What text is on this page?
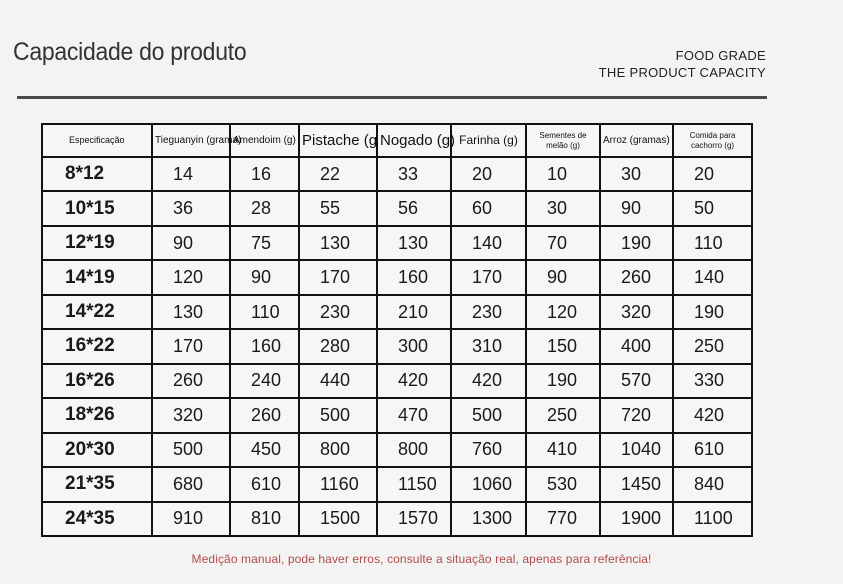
Capacidade do produto	FOOD GRADE
THE PRODUCT CAPACITY
Especificação	Tieguanyin (grama)	Amendoim (g)	Pistache (g	Nogado (g)	Farinha (g)	Sementes de melão (g)	Arroz (gramas)	Comida para cachorro (g)
8*12	14	16	22	33	20	10	30	20
10*15	36	28	55	56	60	30	90	50
12*19	90	75	130	130	140	70	190	110
14*19	120	90	170	160	170	90	260	140
14*22	130	110	230	210	230	120	320	190
16*22	170	160	280	300	310	150	400	250
16*26	260	240	440	420	420	190	570	330
18*26	320	260	500	470	500	250	720	420
20*30	500	450	800	800	760	410	1040	610
21*35	680	610	1160	1150	1060	530	1450	840
24*35	910	810	1500	1570	1300	770	1900	1100
Medição manual, pode haver erros, consulte a situação real, apenas para referência!
